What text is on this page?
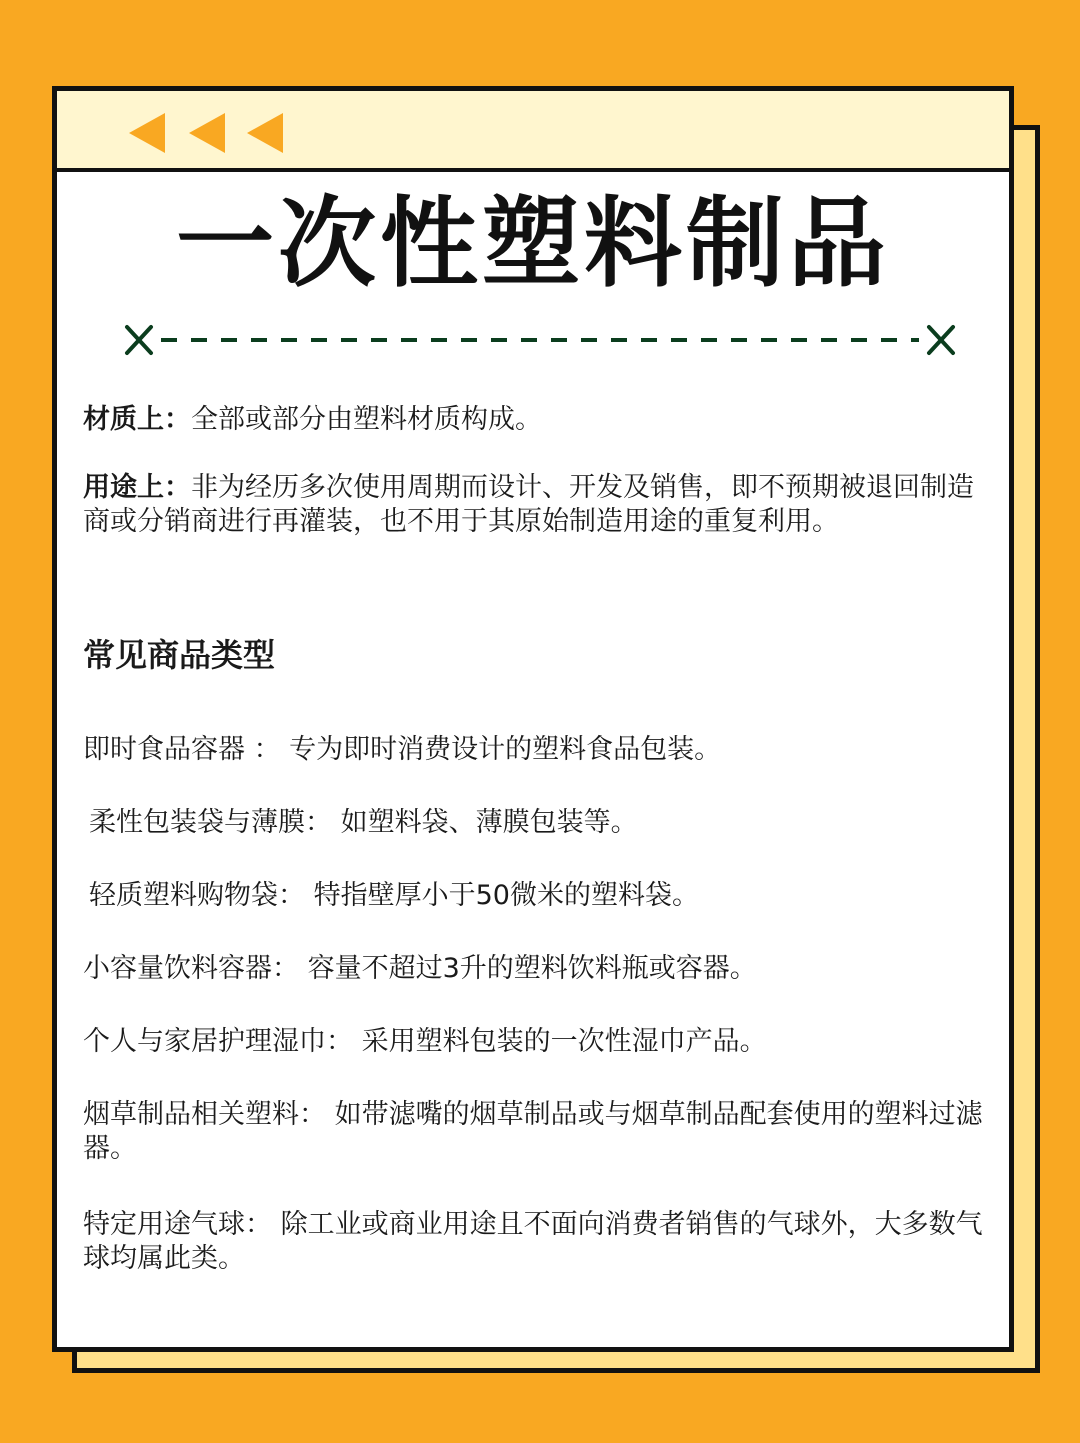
一次性塑料制品

材质上：全部或部分由塑料材质构成。

用途上：非为经历多次使用周期而设计、开发及销售，即不预期被退回制造商或分销商进行再灌装，也不用于其原始制造用途的重复利用。

常见商品类型

即时食品容器 ： 专为即时消费设计的塑料食品包装。

柔性包装袋与薄膜： 如塑料袋、薄膜包装等。

轻质塑料购物袋： 特指壁厚小于50微米的塑料袋。

小容量饮料容器： 容量不超过3升的塑料饮料瓶或容器。

个人与家居护理湿巾： 采用塑料包装的一次性湿巾产品。

烟草制品相关塑料： 如带滤嘴的烟草制品或与烟草制品配套使用的塑料过滤器。

特定用途气球： 除工业或商业用途且不面向消费者销售的气球外，大多数气球均属此类。
